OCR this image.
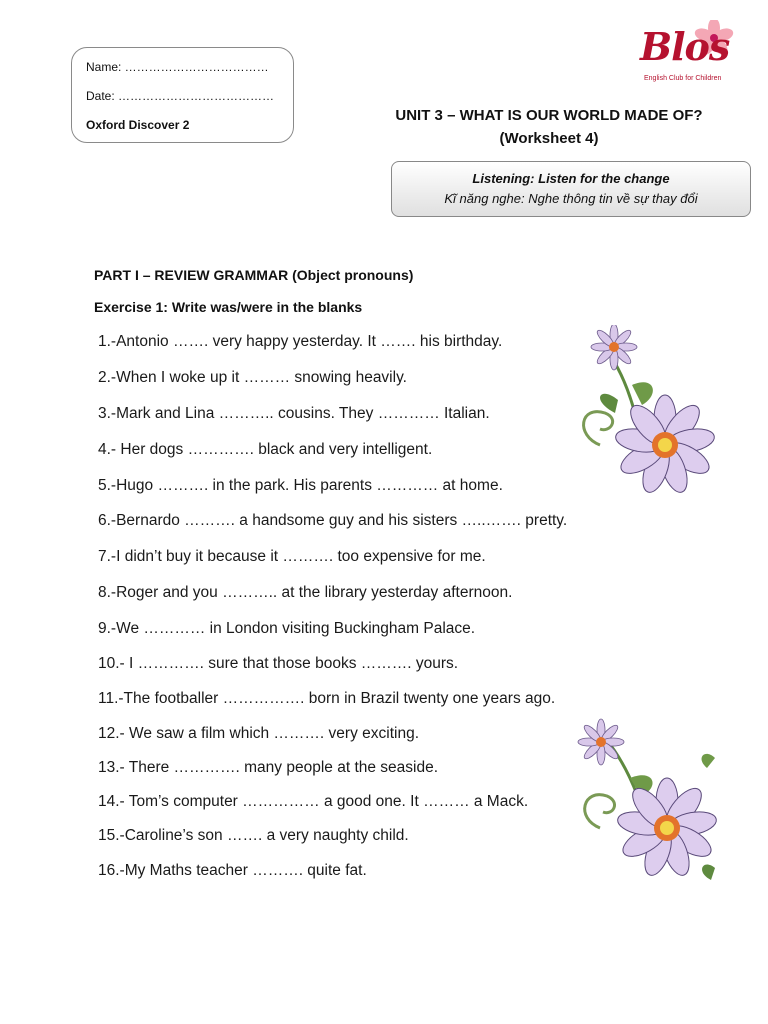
Name: ………………………………
Date: …………………………………
Oxford Discover 2
Blos
English Club for Children
UNIT 3 – WHAT IS OUR WORLD MADE OF?
(Worksheet 4)
Listening: Listen for the change
Kĩ năng nghe: Nghe thông tin về sự thay đổi
PART I – REVIEW GRAMMAR (Object pronouns)
Exercise 1: Write was/were in the blanks
1.-Antonio ……. very happy yesterday. It ……. his birthday.
2.-When I woke up it ……… snowing heavily.
3.-Mark and Lina ……….. cousins. They ………… Italian.
4.- Her dogs …………. black and very intelligent.
5.-Hugo ………. in the park. His parents ………… at home.
6.-Bernardo ………. a handsome guy and his sisters …..……. pretty.
7.-I didn’t buy it because it ………. too expensive for me.
8.-Roger and you ……….. at the library yesterday afternoon.
9.-We ………… in London visiting Buckingham Palace.
10.- I …………. sure that those books ………. yours.
11.-The footballer ……………. born in Brazil twenty one years ago.
12.- We saw a film which ………. very exciting.
13.- There …………. many people at the seaside.
14.- Tom’s computer …………… a good one. It ……… a Mack.
15.-Caroline’s son ……. a very naughty child.
16.-My Maths teacher ………. quite fat.
